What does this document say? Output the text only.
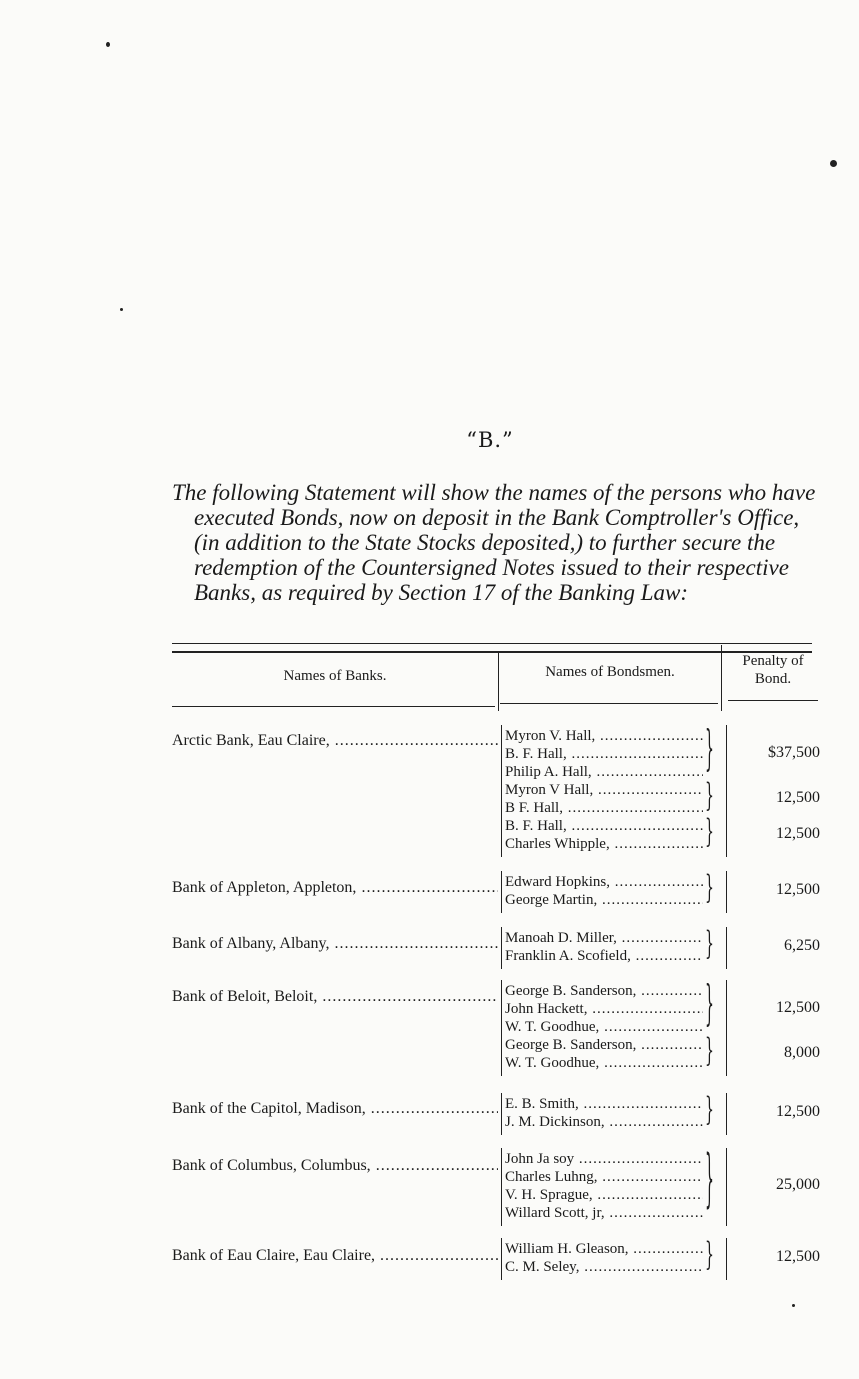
“B.”

The following Statement will show the names of the persons who have executed Bonds, now on deposit in the Bank Comptroller's Office, (in addition to the State Stocks deposited,) to further secure the redemption of the Countersigned Notes issued to their respective Banks, as required by Section 17 of the Banking Law:

Names of Banks.	Names of Bondsmen.
Penalty of
Bond.
Arctic Bank, Eau Claire, .....	Myron V. Hall, .....
B. F. Hall, .....
Philip A. Hall, .....	}	$37,500
Myron V Hall, .....
B F. Hall, .....	}	12,500
B. F. Hall, .....
Charles Whipple, .....	}	12,500
Bank of Appleton, Appleton, .....	Edward Hopkins, .....
George Martin, .....	}	12,500
Bank of Albany, Albany, .....	Manoah D. Miller, .....
Franklin A. Scofield, .....	}	6,250
Bank of Beloit, Beloit, .....	George B. Sanderson, .....
John Hackett, .....
W. T. Goodhue, .....	}	12,500
George B. Sanderson, .....
W. T. Goodhue, .....	}	8,000
Bank of the Capitol, Madison, .....	E. B. Smith, .....
J. M. Dickinson, .....	}	12,500
Bank of Columbus, Columbus, .....	John Ja soy .....
Charles Luhng, .....
V. H. Sprague, .....
Willard Scott, jr, .....	}	25,000
Bank of Eau Claire, Eau Claire, .....	William H. Gleason, .....
C. M. Seley, .....	}	12,500
